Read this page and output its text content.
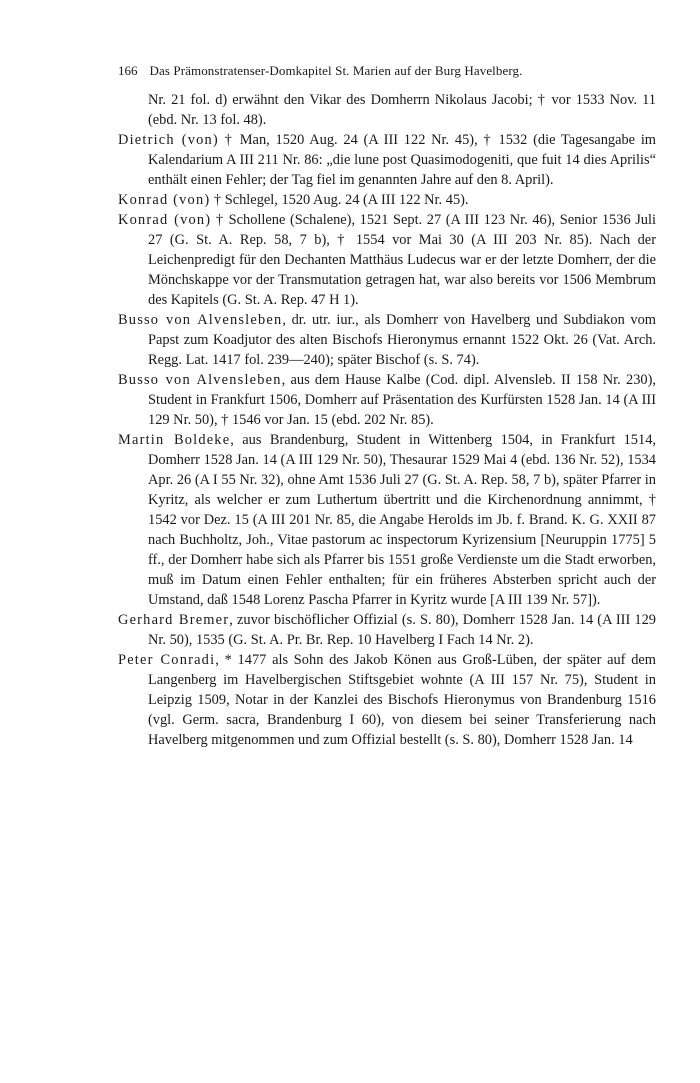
166 Das Prämonstratenser-Domkapitel St. Marien auf der Burg Havelberg.

Nr. 21 fol. d) erwähnt den Vikar des Domherrn Nikolaus Jacobi; † vor 1533 Nov. 11 (ebd. Nr. 13 fol. 48).

Dietrich (von) † Man, 1520 Aug. 24 (A III 122 Nr. 45), † 1532 (die Tagesangabe im Kalendarium A III 211 Nr. 86: „die lune post Quasimodogeniti, que fuit 14 dies Aprilis“ enthält einen Fehler; der Tag fiel im genannten Jahre auf den 8. April).

Konrad (von) † Schlegel, 1520 Aug. 24 (A III 122 Nr. 45).

Konrad (von) † Schollene (Schalene), 1521 Sept. 27 (A III 123 Nr. 46), Senior 1536 Juli 27 (G. St. A. Rep. 58, 7 b), † 1554 vor Mai 30 (A III 203 Nr. 85). Nach der Leichenpredigt für den Dechanten Matthäus Ludecus war er der letzte Domherr, der die Mönchskappe vor der Transmutation getragen hat, war also bereits vor 1506 Membrum des Kapitels (G. St. A. Rep. 47 H 1).

Busso von Alvensleben, dr. utr. iur., als Domherr von Havelberg und Subdiakon vom Papst zum Koadjutor des alten Bischofs Hieronymus ernannt 1522 Okt. 26 (Vat. Arch. Regg. Lat. 1417 fol. 239—240); später Bischof (s. S. 74).

Busso von Alvensleben, aus dem Hause Kalbe (Cod. dipl. Alvensleb. II 158 Nr. 230), Student in Frankfurt 1506, Domherr auf Präsentation des Kurfürsten 1528 Jan. 14 (A III 129 Nr. 50), † 1546 vor Jan. 15 (ebd. 202 Nr. 85).

Martin Boldeke, aus Brandenburg, Student in Wittenberg 1504, in Frankfurt 1514, Domherr 1528 Jan. 14 (A III 129 Nr. 50), Thesaurar 1529 Mai 4 (ebd. 136 Nr. 52), 1534 Apr. 26 (A I 55 Nr. 32), ohne Amt 1536 Juli 27 (G. St. A. Rep. 58, 7 b), später Pfarrer in Kyritz, als welcher er zum Luthertum übertritt und die Kirchenordnung annimmt, † 1542 vor Dez. 15 (A III 201 Nr. 85, die Angabe Herolds im Jb. f. Brand. K. G. XXII 87 nach Buchholtz, Joh., Vitae pastorum ac inspectorum Kyrizensium [Neuruppin 1775] 5 ff., der Domherr habe sich als Pfarrer bis 1551 große Verdienste um die Stadt erworben, muß im Datum einen Fehler enthalten; für ein früheres Absterben spricht auch der Umstand, daß 1548 Lorenz Pascha Pfarrer in Kyritz wurde [A III 139 Nr. 57]).

Gerhard Bremer, zuvor bischöflicher Offizial (s. S. 80), Domherr 1528 Jan. 14 (A III 129 Nr. 50), 1535 (G. St. A. Pr. Br. Rep. 10 Havelberg I Fach 14 Nr. 2).

Peter Conradi, * 1477 als Sohn des Jakob Könen aus Groß-Lüben, der später auf dem Langenberg im Havelbergischen Stiftsgebiet wohnte (A III 157 Nr. 75), Student in Leipzig 1509, Notar in der Kanzlei des Bischofs Hieronymus von Brandenburg 1516 (vgl. Germ. sacra, Brandenburg I 60), von diesem bei seiner Transferierung nach Havelberg mitgenommen und zum Offizial bestellt (s. S. 80), Domherr 1528 Jan. 14
